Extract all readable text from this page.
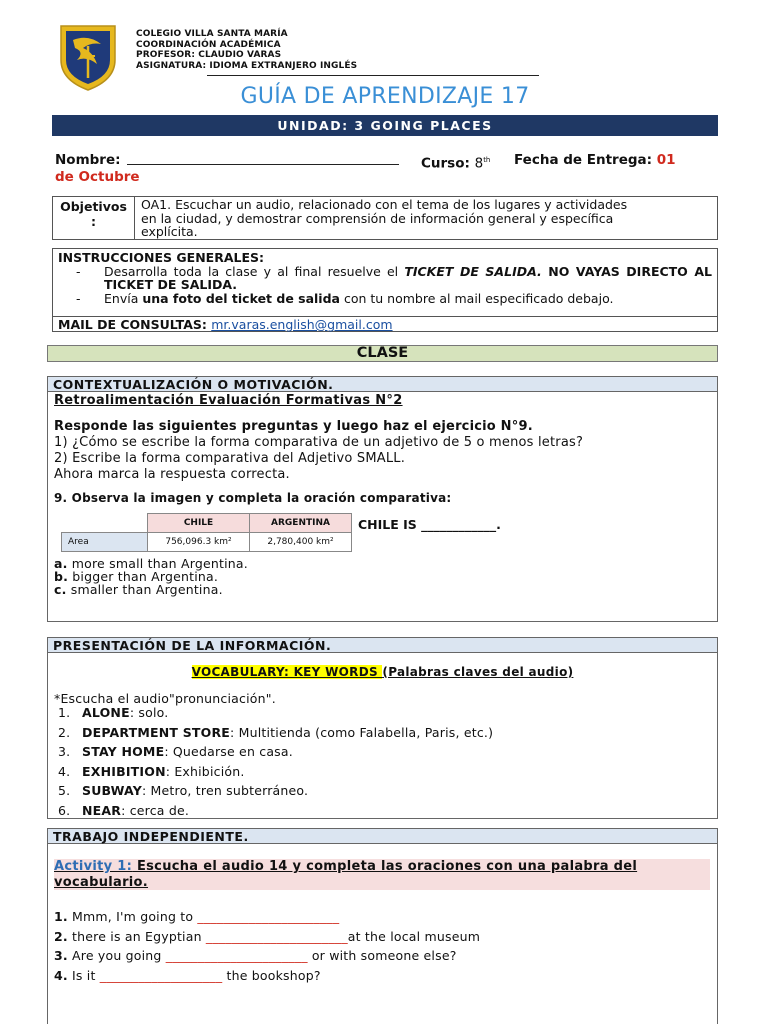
COLEGIO VILLA SANTA MARÍA
COORDINACIÓN ACADÉMICA
PROFESOR: CLAUDIO VARAS
ASIGNATURA: IDIOMA EXTRANJERO INGLÉS
GUÍA DE APRENDIZAJE 17
UNIDAD: 3 GOING PLACES
Nombre:	Curso: 8th Fecha de Entrega: 01
de Octubre
Objetivos
:
OA1. Escuchar un audio, relacionado con el tema de los lugares y actividades
en la ciudad, y demostrar comprensión de información general y específica
explícita.
INSTRUCCIONES GENERALES:
- Desarrolla toda la clase y al final resuelve el TICKET DE SALIDA. NO VAYAS DIRECTO AL TICKET DE SALIDA.
- Envía una foto del ticket de salida con tu nombre al mail especificado debajo.
MAIL DE CONSULTAS: mr.varas.english@gmail.com
CLASE
CONTEXTUALIZACIÓN O MOTIVACIÓN.
Retroalimentación Evaluación Formativas N°2
Responde las siguientes preguntas y luego haz el ejercicio N°9.
1) ¿Cómo se escribe la forma comparativa de un adjetivo de 5 o menos letras?
2) Escribe la forma comparativa del Adjetivo SMALL.
Ahora marca la respuesta correcta.
9. Observa la imagen y completa la oración comparativa:
	CHILE	ARGENTINA
Area	756,096.3 km²	2,780,400 km²
CHILE IS ____________.
a. more small than Argentina.
b. bigger than Argentina.
c. smaller than Argentina.
PRESENTACIÓN DE LA INFORMACIÓN.
VOCABULARY: KEY WORDS (Palabras claves del audio)
*Escucha el audio"pronunciación".
1. ALONE: solo.
2. DEPARTMENT STORE: Multitienda (como Falabella, Paris, etc.)
3. STAY HOME: Quedarse en casa.
4. EXHIBITION: Exhibición.
5. SUBWAY: Metro, tren subterráneo.
6. NEAR: cerca de.
TRABAJO INDEPENDIENTE.
Activity 1: Escucha el audio 14 y completa las oraciones con una palabra del
vocabulario.
1. Mmm, I'm going to ______________________
2. there is an Egyptian ______________________at the local museum
3. Are you going ______________________ or with someone else?
4. Is it ___________________ the bookshop?
